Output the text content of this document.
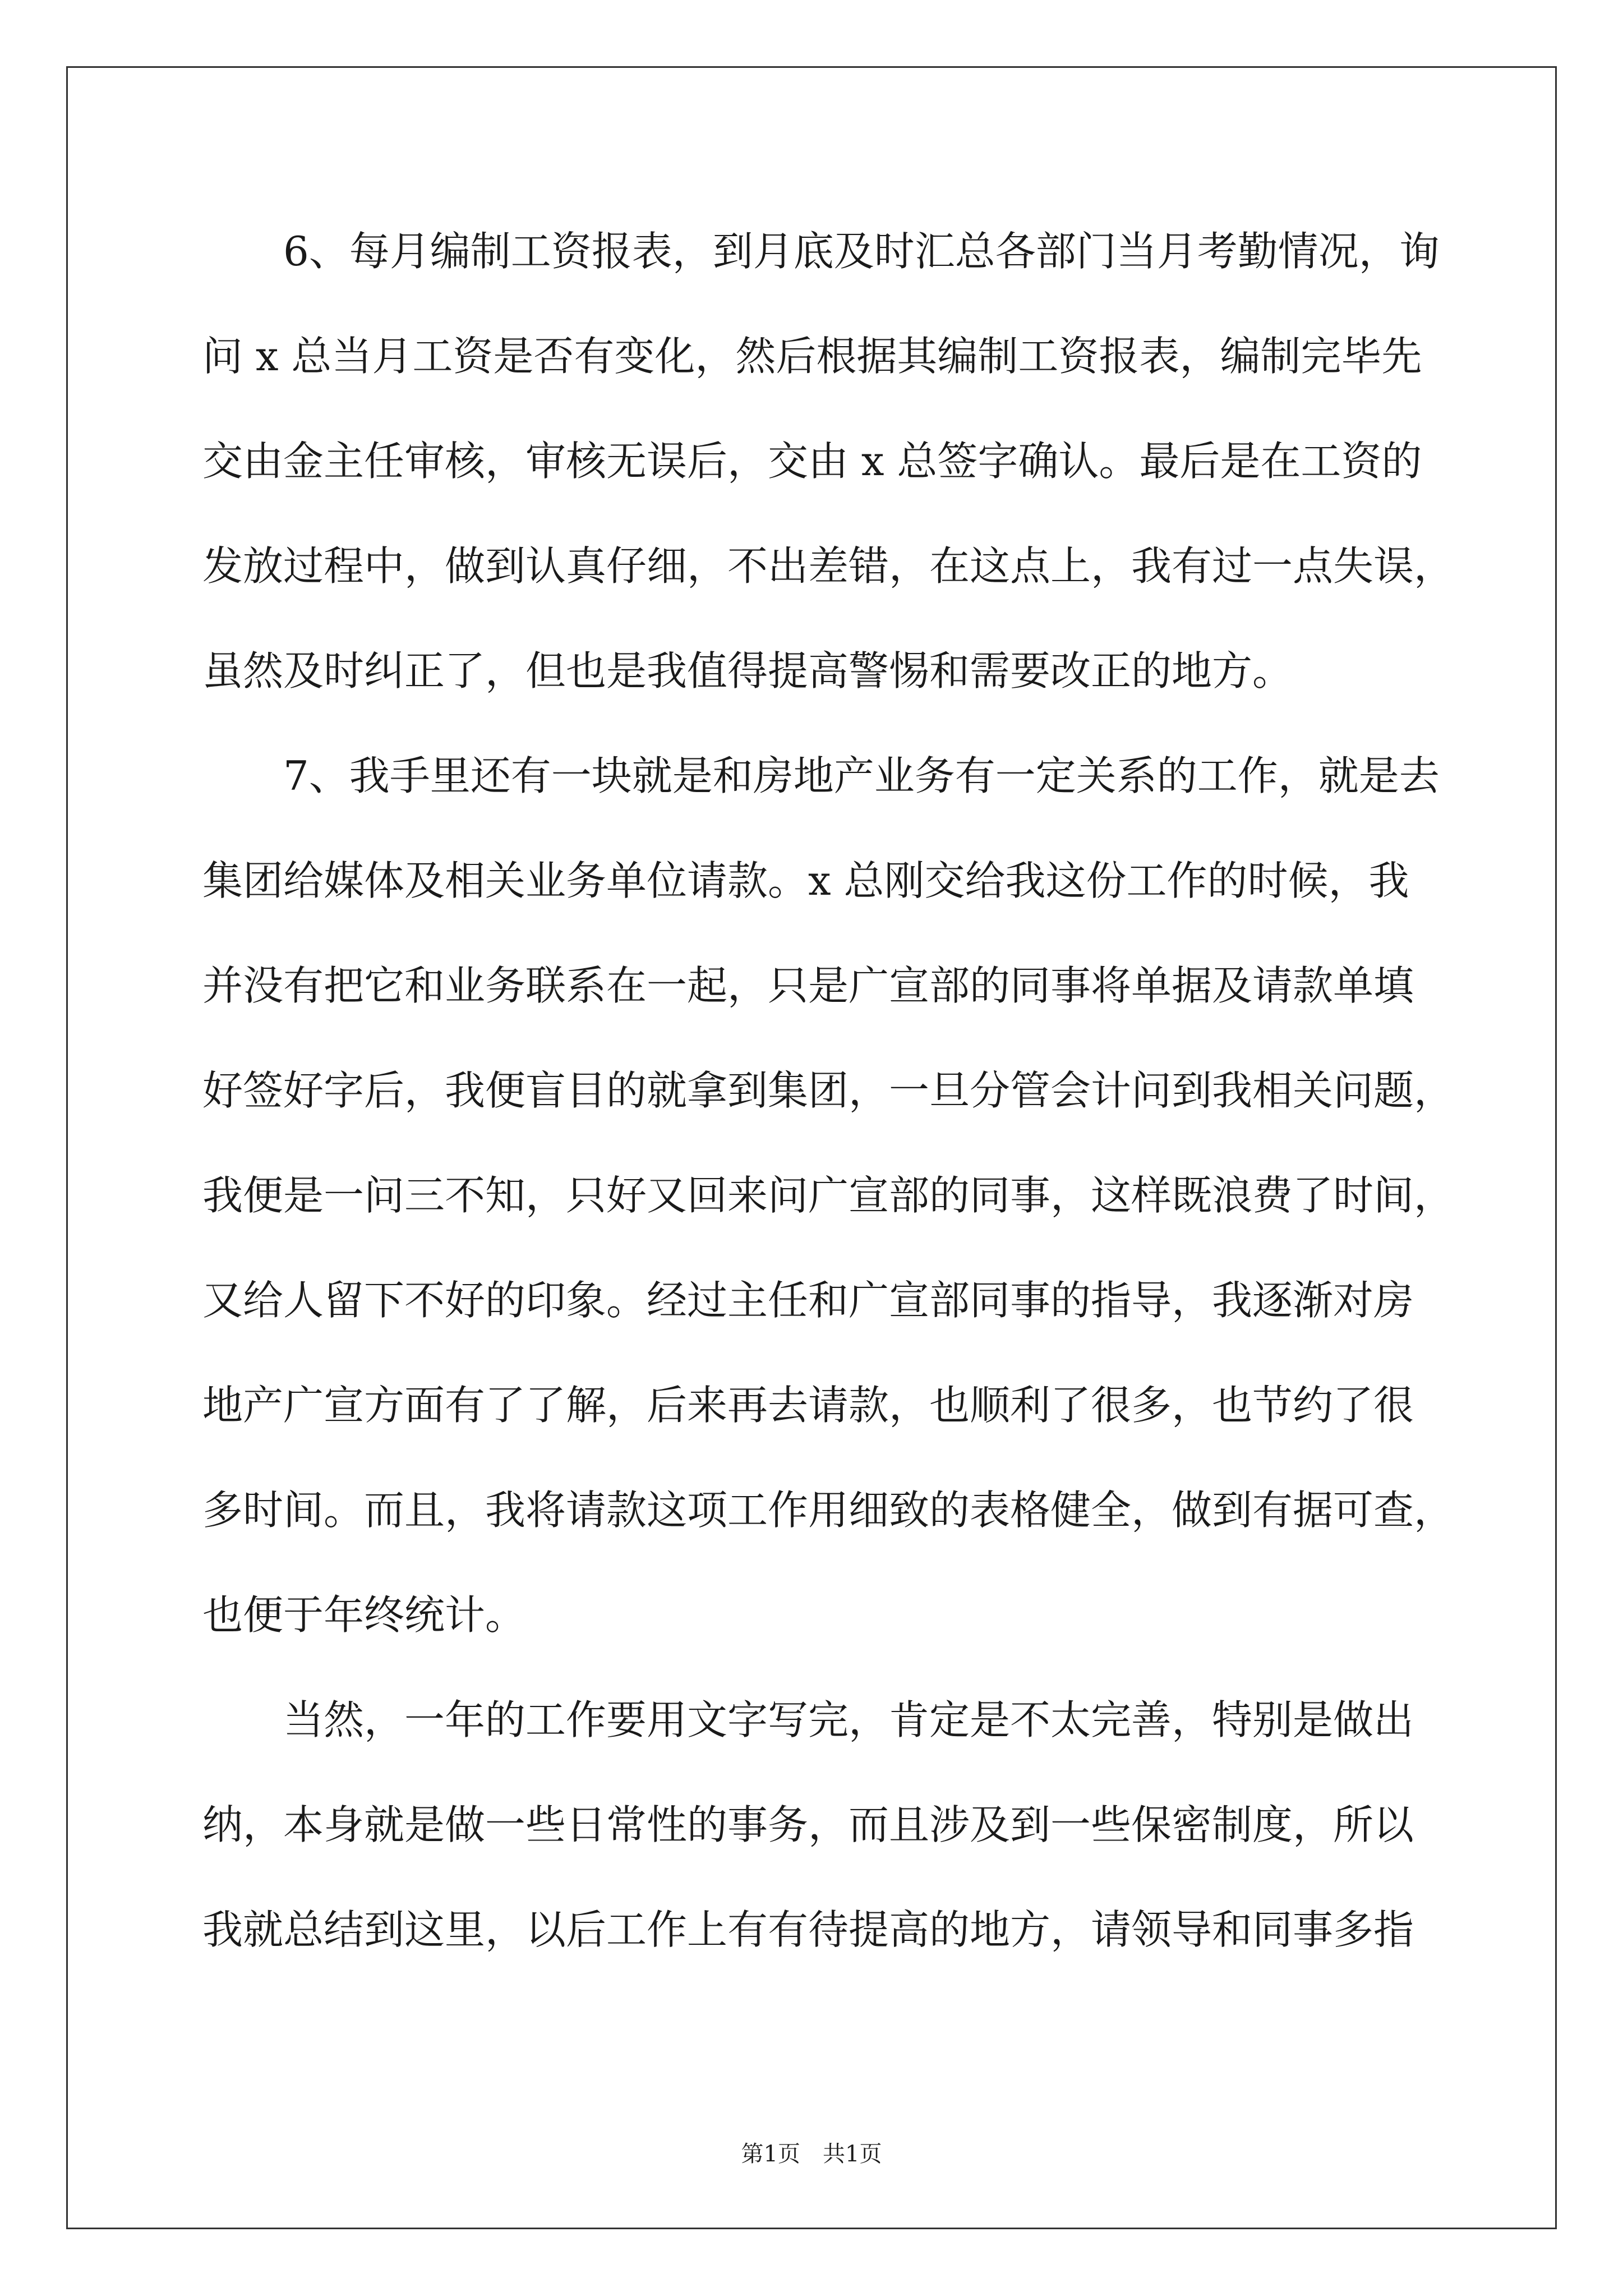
6、每月编制工资报表，到月底及时汇总各部门当月考勤情况，询
问 x 总当月工资是否有变化，然后根据其编制工资报表，编制完毕先
交由金主任审核，审核无误后，交由 x 总签字确认。最后是在工资的
发放过程中，做到认真仔细，不出差错，在这点上，我有过一点失误，
虽然及时纠正了，但也是我值得提高警惕和需要改正的地方。
7、我手里还有一块就是和房地产业务有一定关系的工作，就是去
集团给媒体及相关业务单位请款。x 总刚交给我这份工作的时候，我
并没有把它和业务联系在一起，只是广宣部的同事将单据及请款单填
好签好字后，我便盲目的就拿到集团，一旦分管会计问到我相关问题，
我便是一问三不知，只好又回来问广宣部的同事，这样既浪费了时间，
又给人留下不好的印象。经过主任和广宣部同事的指导，我逐渐对房
地产广宣方面有了了解，后来再去请款，也顺利了很多，也节约了很
多时间。而且，我将请款这项工作用细致的表格健全，做到有据可查，
也便于年终统计。
当然，一年的工作要用文字写完，肯定是不太完善，特别是做出
纳，本身就是做一些日常性的事务，而且涉及到一些保密制度，所以
我就总结到这里，以后工作上有有待提高的地方，请领导和同事多指
第1页　共1页
